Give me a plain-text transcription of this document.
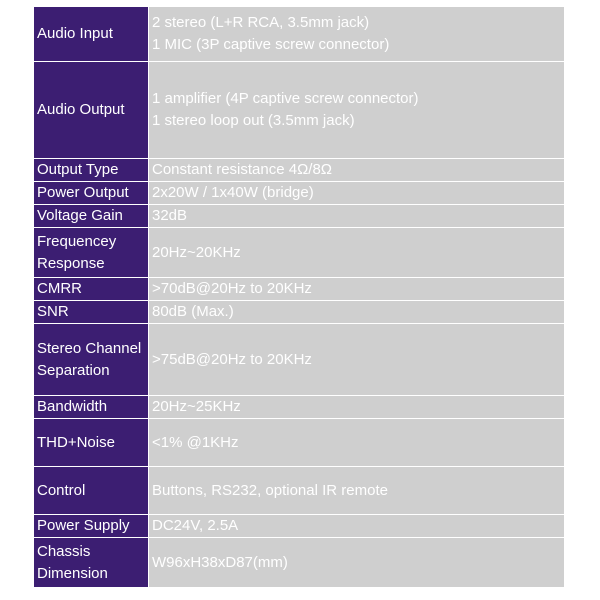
Audio Input	2 stereo (L+R RCA, 3.5mm jack)
1 MIC (3P captive screw connector)

Audio Output	1 amplifier (4P captive screw connector)
1 stereo loop out (3.5mm jack)

Output Type	Constant resistance 4Ω/8Ω

Power Output	2x20W / 1x40W (bridge)

Voltage Gain	32dB

Frequencey Response	20Hz~20KHz

CMRR	>70dB@20Hz to 20KHz

SNR	80dB (Max.)

Stereo Channel Separation	>75dB@20Hz to 20KHz

Bandwidth	20Hz~25KHz

THD+Noise	<1% @1KHz

Control	Buttons, RS232, optional IR remote

Power Supply	DC24V, 2.5A

Chassis Dimension	W96xH38xD87(mm)
